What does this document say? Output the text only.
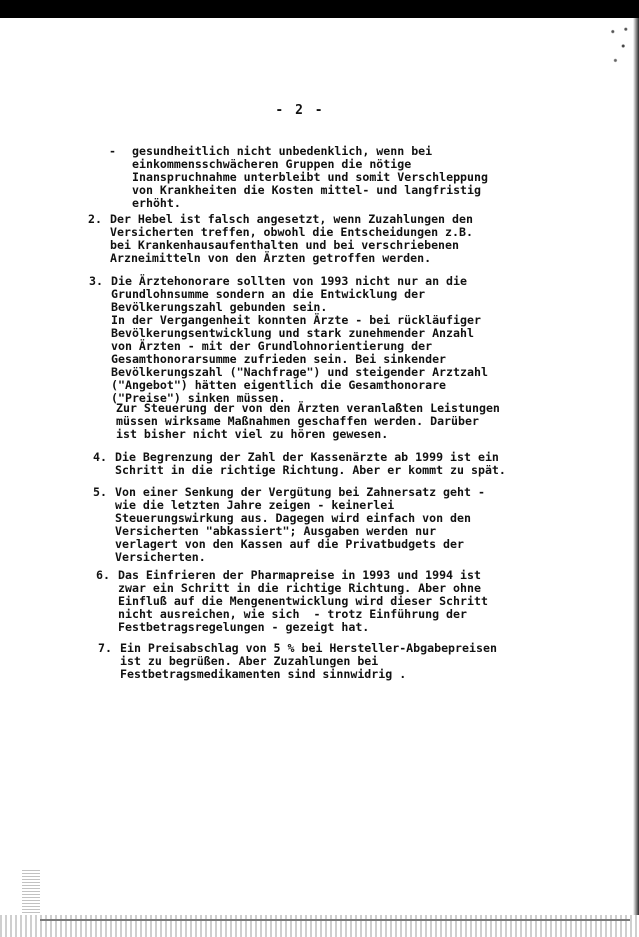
- 2 -
- gesundheitlich nicht unbedenklich, wenn bei
einkommensschwächeren Gruppen die nötige
Inanspruchnahme unterbleibt und somit Verschleppung
von Krankheiten die Kosten mittel- und langfristig
erhöht.
2. Der Hebel ist falsch angesetzt, wenn Zuzahlungen den
Versicherten treffen, obwohl die Entscheidungen z.B.
bei Krankenhausaufenthalten und bei verschriebenen
Arzneimitteln von den Ärzten getroffen werden.
3. Die Ärztehonorare sollten von 1993 nicht nur an die
Grundlohnsumme sondern an die Entwicklung der
Bevölkerungszahl gebunden sein.
In der Vergangenheit konnten Ärzte - bei rückläufiger
Bevölkerungsentwicklung und stark zunehmender Anzahl
von Ärzten - mit der Grundlohnorientierung der
Gesamthonorarsumme zufrieden sein. Bei sinkender
Bevölkerungszahl ("Nachfrage") und steigender Arztzahl
("Angebot") hätten eigentlich die Gesamthonorare
("Preise") sinken müssen.
Zur Steuerung der von den Ärzten veranlaßten Leistungen
müssen wirksame Maßnahmen geschaffen werden. Darüber
ist bisher nicht viel zu hören gewesen.
4. Die Begrenzung der Zahl der Kassenärzte ab 1999 ist ein
Schritt in die richtige Richtung. Aber er kommt zu spät.
5. Von einer Senkung der Vergütung bei Zahnersatz geht -
wie die letzten Jahre zeigen - keinerlei
Steuerungswirkung aus. Dagegen wird einfach von den
Versicherten "abkassiert"; Ausgaben werden nur
verlagert von den Kassen auf die Privatbudgets der
Versicherten.
6. Das Einfrieren der Pharmapreise in 1993 und 1994 ist
zwar ein Schritt in die richtige Richtung. Aber ohne
Einfluß auf die Mengenentwicklung wird dieser Schritt
nicht ausreichen, wie sich  - trotz Einführung der
Festbetragsregelungen - gezeigt hat.
7. Ein Preisabschlag von 5 % bei Hersteller-Abgabepreisen
ist zu begrüßen. Aber Zuzahlungen bei
Festbetragsmedikamenten sind sinnwidrig .
